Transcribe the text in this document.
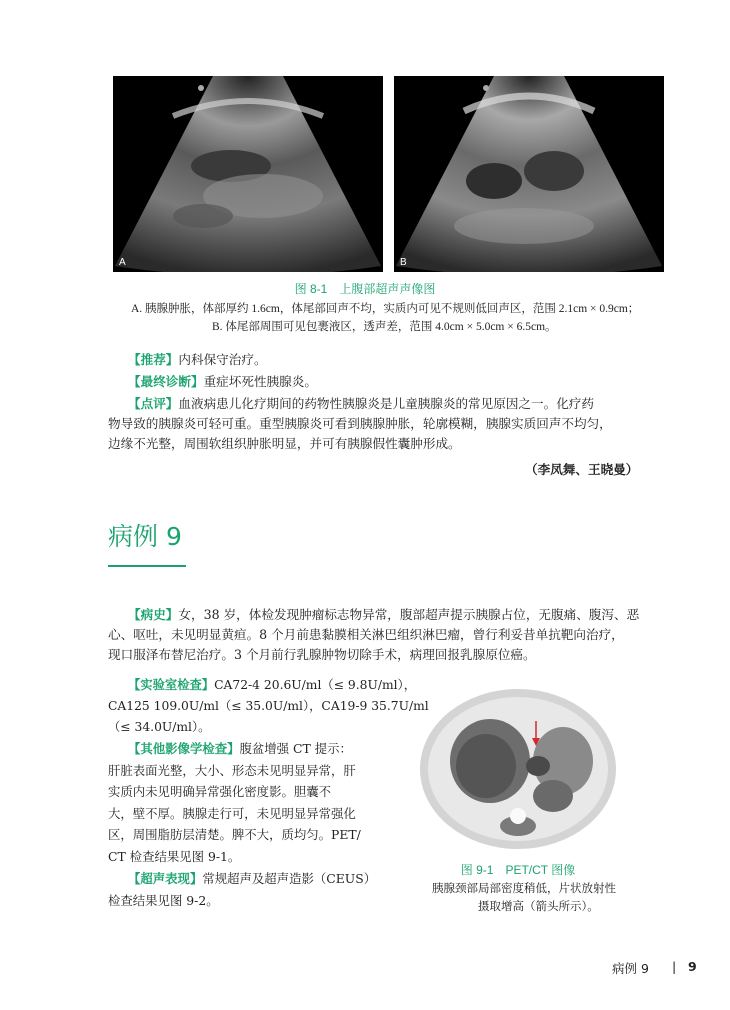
A	B
图 8-1　上腹部超声声像图
A. 胰腺肿胀，体部厚约 1.6cm，体尾部回声不均，实质内可见不规则低回声区，范围 2.1cm × 0.9cm；
B. 体尾部周围可见包裹液区，透声差，范围 4.0cm × 5.0cm × 6.5cm。
【推荐】内科保守治疗。
【最终诊断】重症坏死性胰腺炎。
【点评】血液病患儿化疗期间的药物性胰腺炎是儿童胰腺炎的常见原因之一。化疗药
物导致的胰腺炎可轻可重。重型胰腺炎可看到胰腺肿胀，轮廓模糊，胰腺实质回声不均匀，
边缘不光整，周围软组织肿胀明显，并可有胰腺假性囊肿形成。
（李凤舞、王晓曼）
病例 9
【病史】女，38 岁，体检发现肿瘤标志物异常，腹部超声提示胰腺占位，无腹痛、腹泻、恶
心、呕吐，未见明显黄疸。8 个月前患黏膜相关淋巴组织淋巴瘤，曾行利妥昔单抗靶向治疗，
现口服泽布替尼治疗。3 个月前行乳腺肿物切除手术，病理回报乳腺原位癌。
【实验室检查】CA72-4 20.6U/ml（≤ 9.8U/ml），
CA125 109.0U/ml（≤ 35.0U/ml），CA19-9 35.7U/ml
（≤ 34.0U/ml）。
【其他影像学检查】腹盆增强 CT 提示：
肝脏表面光整，大小、形态未见明显异常，肝
实质内未见明确异常强化密度影。胆囊不
大，壁不厚。胰腺走行可，未见明显异常强化
区，周围脂肪层清楚。脾不大，质均匀。PET/
CT 检查结果见图 9-1。
【超声表现】常规超声及超声造影（CEUS）
检查结果见图 9-2。
图 9-1　PET/CT 图像
胰腺颈部局部密度稍低，片状放射性
摄取增高（箭头所示）。
病例 9 | 9
